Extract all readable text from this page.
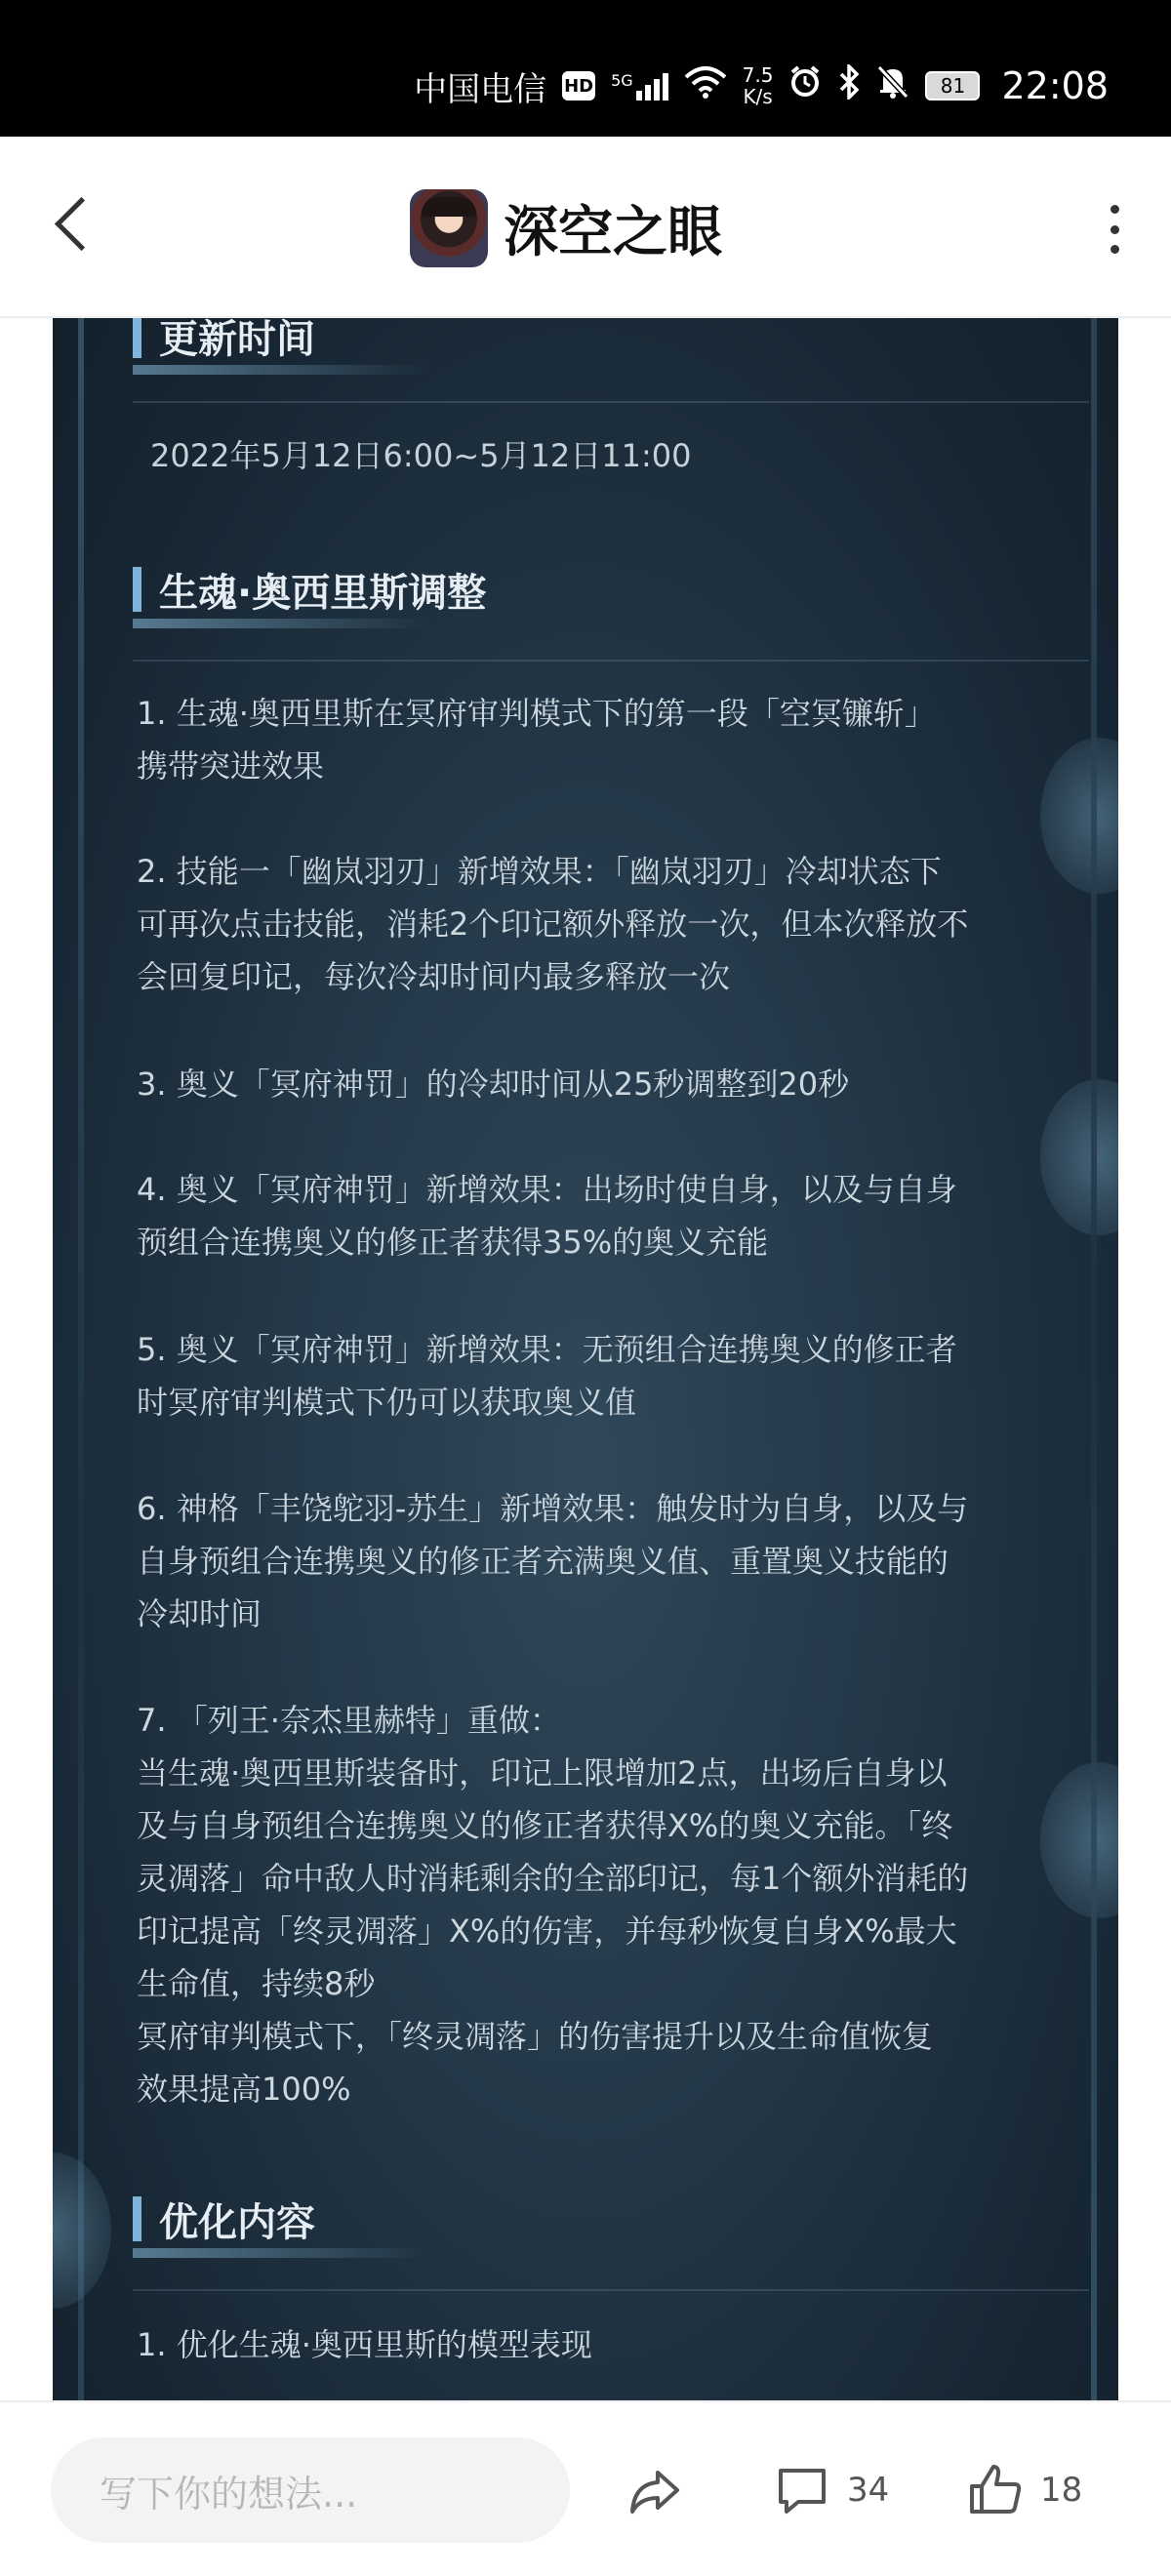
中国电信 HD 5G	7.5
K/s	81 22:08
深空之眼
更新时间
2022年5月12日6:00~5月12日11:00
生魂·奥西里斯调整
1. 生魂·奥西里斯在冥府审判模式下的第一段「空冥镰斩」
携带突进效果
2. 技能一「幽岚羽刃」新增效果：「幽岚羽刃」冷却状态下
可再次点击技能，消耗2个印记额外释放一次，但本次释放不
会回复印记，每次冷却时间内最多释放一次
3. 奥义「冥府神罚」的冷却时间从25秒调整到20秒
4. 奥义「冥府神罚」新增效果：出场时使自身，以及与自身
预组合连携奥义的修正者获得35%的奥义充能
5. 奥义「冥府神罚」新增效果：无预组合连携奥义的修正者
时冥府审判模式下仍可以获取奥义值
6. 神格「丰饶鸵羽-苏生」新增效果：触发时为自身，以及与
自身预组合连携奥义的修正者充满奥义值、重置奥义技能的
冷却时间
7. 「列王·奈杰里赫特」重做：
当生魂·奥西里斯装备时，印记上限增加2点，出场后自身以
及与自身预组合连携奥义的修正者获得X%的奥义充能。「终
灵凋落」命中敌人时消耗剩余的全部印记，每1个额外消耗的
印记提高「终灵凋落」X%的伤害，并每秒恢复自身X%最大
生命值，持续8秒
冥府审判模式下，「终灵凋落」的伤害提升以及生命值恢复
效果提高100%
优化内容
1. 优化生魂·奥西里斯的模型表现
写下你的想法...	34	18
